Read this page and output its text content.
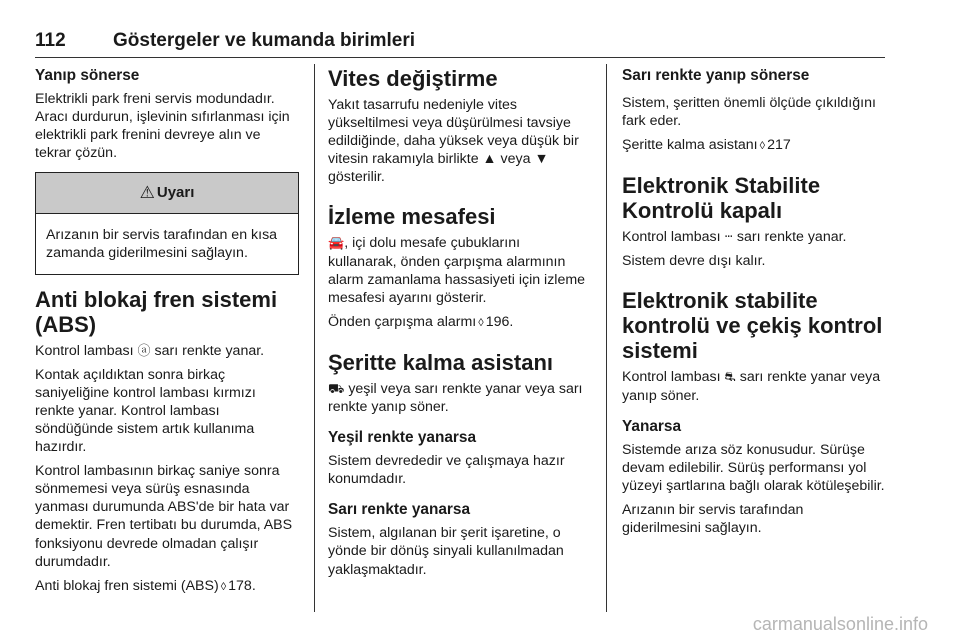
112 Göstergeler ve kumanda birimleri
Yanıp sönerse

Elektrikli park freni servis modundadır. Aracı durdurun, işlevinin sıfırlanması için elektrikli park frenini devreye alın ve tekrar çözün.

⚠ Uyarı
Arızanın bir servis tarafından en kısa zamanda giderilmesini sağlayın.
Anti blokaj fren sistemi (ABS)

Kontrol lambası ⓐ sarı renkte yanar.

Kontak açıldıktan sonra birkaç saniyeliğine kontrol lambası kırmızı renkte yanar. Kontrol lambası söndüğünde sistem artık kullanıma hazırdır.

Kontrol lambasının birkaç saniye sonra sönmemesi veya sürüş esnasında yanması durumunda ABS'de bir hata var demektir. Fren tertibatı bu durumda, ABS fonksiyonu devrede olmadan çalışır durumdadır.

Anti blokaj fren sistemi (ABS) ◊ 178.

Vites değiştirme

Yakıt tasarrufu nedeniyle vites yükseltilmesi veya düşürülmesi tavsiye edildiğinde, daha yüksek veya düşük bir vitesin rakamıyla birlikte ▲ veya ▼ gösterilir.

İzleme mesafesi

🚘, içi dolu mesafe çubuklarını kullanarak, önden çarpışma alarmının alarm zamanlama hassasiyeti için izleme mesafesi ayarını gösterir.

Önden çarpışma alarmı ◊ 196.

Şeritte kalma asistanı

⛟ yeşil veya sarı renkte yanar veya sarı renkte yanıp söner.

Yeşil renkte yanarsa

Sistem devrededir ve çalışmaya hazır konumdadır.

Sarı renkte yanarsa

Sistem, algılanan bir şerit işaretine, o yönde bir dönüş sinyali kullanılmadan yaklaşmaktadır.

Sarı renkte yanıp sönerse

Sistem, şeritten önemli ölçüde çıkıldığını fark eder.

Şeritte kalma asistanı ◊ 217

Elektronik Stabilite Kontrolü kapalı

Kontrol lambası ⵈ sarı renkte yanar.

Sistem devre dışı kalır.

Elektronik stabilite kontrolü ve çekiş kontrol sistemi

Kontrol lambası ⛐ sarı renkte yanar veya yanıp söner.

Yanarsa

Sistemde arıza söz konusudur. Sürüşe devam edilebilir. Sürüş performansı yol yüzeyi şartlarına bağlı olarak kötüleşebilir.

Arızanın bir servis tarafından giderilmesini sağlayın.

carmanualsonline.info
